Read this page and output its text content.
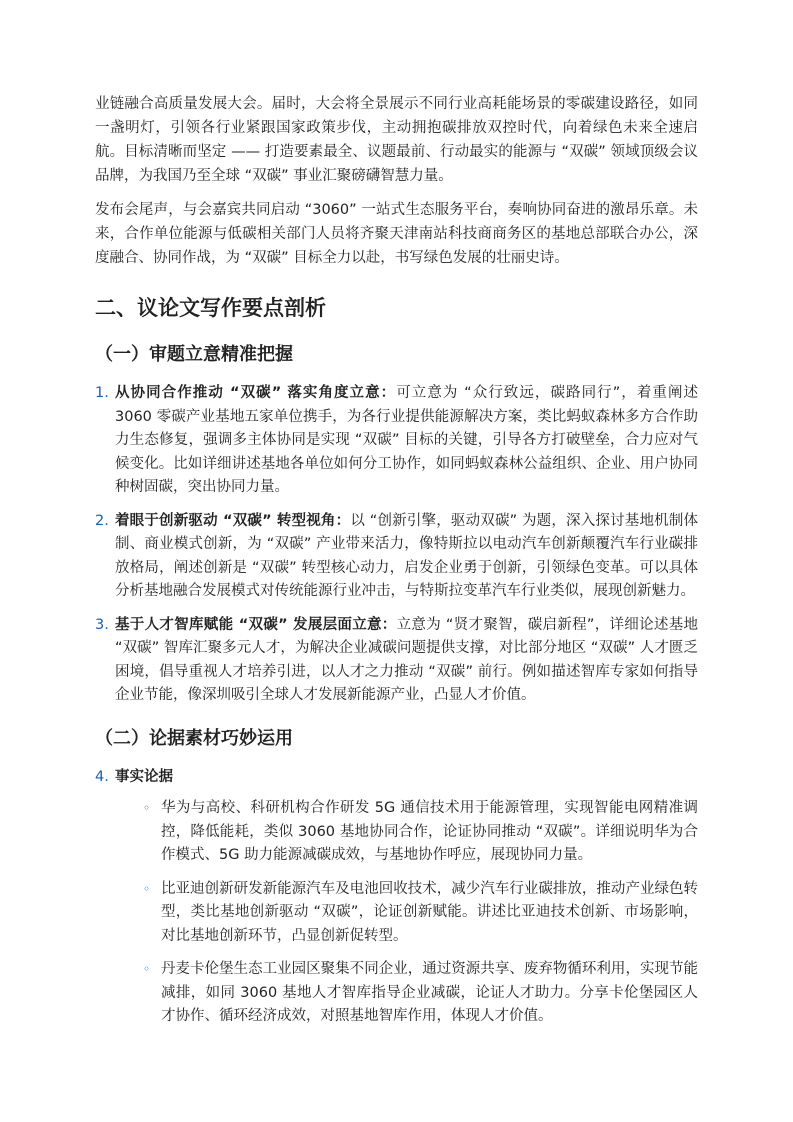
业链融合高质量发展大会。届时，大会将全景展示不同行业高耗能场景的零碳建设路径，如同一盏明灯，引领各行业紧跟国家政策步伐，主动拥抱碳排放双控时代，向着绿色未来全速启航。目标清晰而坚定 —— 打造要素最全、议题最前、行动最实的能源与 “双碳” 领域顶级会议品牌，为我国乃至全球 “双碳” 事业汇聚磅礴智慧力量。

发布会尾声，与会嘉宾共同启动 “3060” 一站式生态服务平台，奏响协同奋进的激昂乐章。未来，合作单位能源与低碳相关部门人员将齐聚天津南站科技商商务区的基地总部联合办公，深度融合、协同作战，为 “双碳” 目标全力以赴，书写绿色发展的壮丽史诗。

二、议论文写作要点剖析
（一）审题立意精准把握
1. 从协同合作推动 “双碳” 落实角度立意：可立意为 “众行致远，碳路同行”，着重阐述 3060 零碳产业基地五家单位携手，为各行业提供能源解决方案，类比蚂蚁森林多方合作助力生态修复，强调多主体协同是实现 “双碳” 目标的关键，引导各方打破壁垒，合力应对气候变化。比如详细讲述基地各单位如何分工协作，如同蚂蚁森林公益组织、企业、用户协同种树固碳，突出协同力量。
2. 着眼于创新驱动 “双碳” 转型视角：以 “创新引擎，驱动双碳” 为题，深入探讨基地机制体制、商业模式创新，为 “双碳” 产业带来活力，像特斯拉以电动汽车创新颠覆汽车行业碳排放格局，阐述创新是 “双碳” 转型核心动力，启发企业勇于创新，引领绿色变革。可以具体分析基地融合发展模式对传统能源行业冲击，与特斯拉变革汽车行业类似，展现创新魅力。
3. 基于人才智库赋能 “双碳” 发展层面立意：立意为 “贤才聚智，碳启新程”，详细论述基地 “双碳” 智库汇聚多元人才，为解决企业减碳问题提供支撑，对比部分地区 “双碳” 人才匮乏困境，倡导重视人才培养引进，以人才之力推动 “双碳” 前行。例如描述智库专家如何指导企业节能，像深圳吸引全球人才发展新能源产业，凸显人才价值。
（二）论据素材巧妙运用
4. 事实论据
◦ 华为与高校、科研机构合作研发 5G 通信技术用于能源管理，实现智能电网精准调控，降低能耗，类似 3060 基地协同合作，论证协同推动 “双碳”。详细说明华为合作模式、5G 助力能源减碳成效，与基地协作呼应，展现协同力量。
◦ 比亚迪创新研发新能源汽车及电池回收技术，减少汽车行业碳排放，推动产业绿色转型，类比基地创新驱动 “双碳”，论证创新赋能。讲述比亚迪技术创新、市场影响，对比基地创新环节，凸显创新促转型。
◦ 丹麦卡伦堡生态工业园区聚集不同企业，通过资源共享、废弃物循环利用，实现节能减排，如同 3060 基地人才智库指导企业减碳，论证人才助力。分享卡伦堡园区人才协作、循环经济成效，对照基地智库作用，体现人才价值。
